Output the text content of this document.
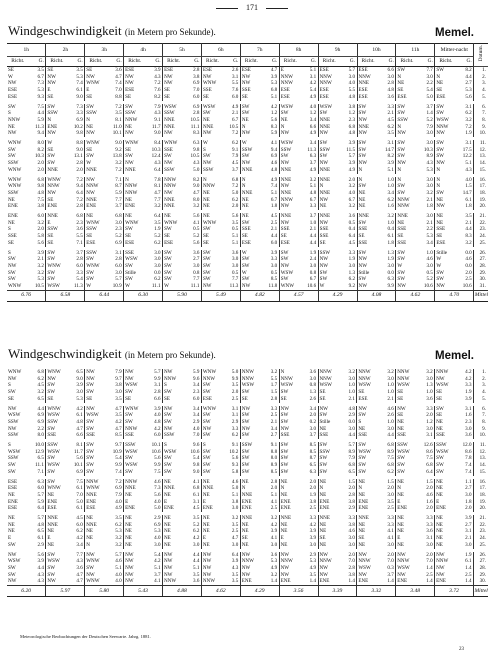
171
Windgeschwindigkeit (in Metern pro Sekunde).	Memel.
1h		2h		3h		4h		5h		6h		7h		8h		9h		10h		11h		Mitter-nacht		Datum.
Richt.	G.	Richt.	G.	Richt.	G.	Richt.	G.	Richt.	G.	Richt.	G.	Richt.	G.	Richt.	G.	Richt.	G.	Richt.	G.	Richt.	G.	Richt.	G.	
SE	3.5	SE	3.5	SE	3.6	ESE	3.9	ESE	2.8	ESE	2.6	ESE	4.7	E	5.1	ESE	5.7	ESE	6.6	SW	7.7	SW	8.2	1.
W	6.7	NW	5.3	NW	4.7	NW	4.3	NW	3.8	NW	3.1	NW	3.9	NNW	3.1	NNW	3.0	NNW	3.0	N	3.0	N	4.4	2.
NW	7.3	NW	7.4	WNW	7.4	NW	7.2	NW	6.9	WNW	5.5	NW	5.3	NNW	4.2	NNW	4.0	NNE	2.8	NE	2.2	NE	2.7	3.
ESE	5.3	E	6.1	E	7.0	ESE	7.6	SE	7.0	SSE	7.6	SSE	6.8	ESE	5.4	ESE	5.5	ESE	4.8	SE	5.4	SE	5.3	4.
ESE	9.3	SE	9.0	SE	8.8	SE	8.2	SE	6.0	SE	6.0	SE	5.1	ESE	4.9	ESE	4.8	ESE	3.6	ESE	5.0	ESE	5.6	5.

SW	7.5	SW	7.3	SW	7.2	SW	7.9	WSW	6.9	WSW	4.9	SW	4.2	WSW	4.0	WSW	3.8	SW	3.3	SW	3.7	SW	3.1	6.
S	4.4	SSW	3.3	SSW	3.5	SSW	4.3	SSW	2.8	SW	2.1	SW	1.2	SW	1.2	SW	1.2	SW	2.1	SW	1.4	SW	6.2	7.
NNW	5.9	N	6.9	N	8.1	NNW	9.1	NNE	10.5	NE	6.7	NE	5.6	NE	3.4	NNE	2.3	NW	4.5	SSW	5.2	WSW	3.2	8.
NE	11.3	ENE	10.2	NE	11.0	NE	11.7	NNE	11.1	NNE	10.5	N	8.3	N	6.6	NNE	6.8	NNE	6.2	N	7.9	NNW	7.2	9.
NW	9.4	NW	9.8	NW	10.1	NW	9.0	NW	8.3	NW	7.2	NW	5.9	NW	4.9	NW	4.8	NW	3.5	NW	3.0	NW	1.9	10.

WNW	8.0	W	8.8	WNW	9.0	WNW	8.4	WNW	6.3	W	6.2	W	4.1	WSW	3.4	SW	3.9	SW	3.1	SW	3.0	SW	3.1	11.
SW	8.2	SE	9.0	SE	9.2	SE	10.3	SSE	9.8	S	9.1	SSW	9.4	SSW	11.3	SSW	11.5	SW	14.7	SW	10.3	SW	17.5	12.
SW	10.3	SW	13.1	SW	13.8	SW	12.4	SW	10.5	SW	7.9	SW	6.9	SW	6.3	SW	5.7	SW	8.2	SW	8.9	SW	12.2	13.
SSW	2.0	SW	2.8	W	3.2	NW	4.3	NW	4.3	NW	4.5	NW	4.6	NW	3.7	NW	3.9	NW	3.9	NW	4.3	NW	5.1	14.
WNW	2.0	NNE	2.0	NNE	7.2	NNE	6.4	SSW	5.0	SSW	3.7	NNE	4.8	NNE	4.9	NNE	4.9	N	5.1	N	5.3	N	4.3	15.

WNW	6.8	WNW	7.2	NW	7.1	N	7.8	NNW	8.2	N	6.8	N	4.9	NNE	3.2	NNE	2.0	N	1.0	N	3.0	N	4.0	16.
WNW	9.8	NNW	9.4	NNW	8.7	NNW	8.1	NNW	9.0	NNW	7.2	N	7.4	NW	5.1	N	3.2	SW	1.0	SW	3.0	N	1.5	17.
SSW	4.8	NW	6.4	NW	5.9	NNW	4.7	NW	4.7	NE	5.0	NNE	5.1	NNE	4.8	NNE	4.0	NE	3.4	SW	3.2	SW	14.7	18.
NE	7.5	SE	7.2	NNE	7.7	NE	7.7	NNE	8.0	NE	6.2	NE	6.7	NNW	6.7	NW	6.7	NE	6.2	NNW	2.1	NE	6.1	19.
ENE	3.8	ENE	2.8	ENE	3.7	ENE	3.2	NNE	3.2	NE	2.0	NE	1.8	NW	3.3	NE	3.2	NE	1.6	NNW	1.8	NW	1.8	20.

ENE	6.0	NNE	6.8	NE	6.8	NE	6.4	NE	5.6	NE	5.6	NE	4.5	NNE	3.7	NNE	3.6	NNE	3.2	NNE	3.0	NE	3.5	21.
NE	3.2	E	2.3	WNW	3.0	WNW	3.5	WNW	4.1	WNW	3.5	SW	2.5	NW	1.0	NW	0.5	SW	1.0	NE	2.1	NE	2.1	22.
S	2.0	SSW	3.6	SSW	2.3	SW	1.9	SW	0.5	SW	0.5	SSE	2.1	SSE	2.1	SSE	0.4	SSE	0.4	SSE	2.2	SSE	4.4	23.
SSE	5.8	SE	5.5	SE	5.2	SE	5.2	SE	5.2	SE	5.1	SE	4.4	SE	4.4	SSE	6.4	SE	6.1	SE	5.3	SE	8.3	24.
SE	5.6	SE	7.1	ESE	6.9	ESE	6.2	ESE	5.6	SE	5.1	ESE	6.0	ESE	4.4	SE	4.5	SSE	1.8	SSE	3.4	ESE	3.2	25.

S	3.9	SW	3.7	SSW	3.1	SSE	3.0	SW	3.6	SW	3.6	W	3.9	SW	1.9	SSW	3.3	SW	1.3	SW	1.0	Stille	0.0	26.
SW	2.1	SW	2.8	SW	2.8	WSW	3.0	SW	2.7	SW	3.0	SW	3.3	SW	2.4	NW	1.9	NW	1.9	SW	4.6	W	4.6	27.
NW	3.2	WNW	6.0	WNW	6.0	SW	3.0	SW	3.0	SW	3.0	SW	3.0	NW	3.0	NW	3.0	NW	3.0	W	3.0	W	0.0	28.
SW	3.2	SW	3.3	SW	3.0	Stille	0.0	SW	0.8	SW	0.5	W	0.5	WSW	0.8	SW	1.3	Stille	0.0	SW	0.5	SW	2.0	29.
SW	5.3	SW	5.4	SW	5.7	SW	6.2	SW	7.7	SW	7.7	SW	8.5	SW	6.7	SW	6.2	SW	6.3	SW	5.2	SW	2.5	30.
WNW	10.5	WSW	11.3	W	10.9	W	11.1	W	11.1	NW	11.3	NW	11.8	WNW	10.6	W	9.2	NW	9.9	NW	10.6	NW	10.6	31.
6.76		6.58		6.44		6.30		5.90		5.49		4.82		4.57		4.29		4.08		4.62		4.70		Mittel
Windgeschwindigkeit (in Metern pro Sekunde).	Memel.

WNW	6.8	WNW	6.5	NW	7.9	NW	5.7	NW	5.9	WNW	5.0	NNW	3.2	N	3.6	NNW	3.2	NNW	3.2	NNW	3.2	NNW	4.2	1.
NW	6.2	NW	9.0	NW	9.7	NW	9.9	NNW	9.6	NNW	9.9	NNW	5.5	NNW	3.0	NNW	3.0	NNW	3.0	NNW	3.0	NW	4.2	2.
S	4.5	SW	3.9	SW	3.8	WSW	3.1	S	3.4	SW	3.5	WSW	1.7	WSW	0.8	WSW	1.0	WSW	1.0	WSW	1.3	WSW	3.3	3.
SW	3.2	SW	3.0	SW	3.0	SW	2.8	SW	2.3	SW	2.0	SW	1.5	SW	1.3	SE	1.0	SE	1.0	SE	1.0	SE	1.9	4.
SE	6.5	SE	5.3	SE	3.5	SE	6.6	SE	6.0	ESE	2.5	SE	2.8	SE	2.6	SE	2.1	ESE	2.1	SE	3.6	SE	3.9	5.

NW	4.4	WNW	4.2	NW	4.7	WNW	3.9	NW	3.4	WNW	3.1	NW	3.3	NW	3.4	NW	4.8	NW	4.6	NW	3.3	SW	3.1	6.
WSW	6.9	WSW	6.1	WSW	3.5	SW	4.0	SW	3.4	SW	3.1	SW	2.5	SW	2.0	SW	2.9	SW	2.6	SE	2.0	SE	1.6	7.
SSW	6.9	SSW	4.8	SW	4.2	SW	4.8	SW	2.9	SW	2.9	SW	2.1	SW	0.2	Stille	0.0	S	1.0	NE	1.2	NE	2.3	8.
NW	2.2	SW	4.7	SW	4.7	NNW	4.2	NW	4.0	NW	3.3	NW	3.4	NW	3.0	NE	3.0	NE	3.0	NE	3.0	NE	3.0	9.
SSW	8.0	SSE	6.6	SSE	8.5	SSE	6.0	SSW	7.0	SW	6.2	SW	2.7	SSE	3.7	SSE	4.4	SSE	4.4	SSE	3.1	SSE	3.6	10.

S	10.0	SSW	8.1	SW	9.7	SSW	10.1	S	9.6	S	9.1	SSW	9.1	SW	8.5	SW	5.7	SW	6.8	SSW	12.6	SSW	12.0	11.
WSW	12.9	WSW	11.7	SW	10.9	WSW	10.6	WSW	10.6	SW	10.2	SW	8.8	SW	8.5	SSW	8.9	WSW	8.9	WSW	8.6	WSW	8.6	12.
SSW	6.5	SW	5.6	SW	5.4	SW	5.6	SW	5.4	SW	5.6	SW	8.0	SW	8.7	SW	7.9	SW	7.5	SW	7.5	SW	7.8	13.
SW	11.1	WSW	10.1	SW	9.9	WSW	9.9	SW	9.8	SW	9.3	SW	8.9	SW	6.5	SW	6.8	SW	6.8	SW	6.8	SW	7.4	14.
SW	7.1	SW	6.9	SW	7.4	SW	7.5	SW	9.0	SW	5.8	SW	8.5	SW	6.3	SW	6.5	SW	6.2	SW	6.4	SW	7.4	15.

ESE	6.3	SW	7.5	NNW	7.2	NNW	4.6	NE	4.1	NE	4.6	NE	2.8	NE	2.0	NE	1.5	NE	1.5	NE	1.5	NE	1.1	16.
ESE	6.0	WNW	6.1	WNW	6.9	NNE	7.3	NNE	6.8	NNE	5.0	N	2.0	N	2.0	N	2.0	N	2.0	N	2.0	NE	2.7	17.
NE	5.7	NE	7.0	NNE	7.9	NE	5.6	NE	6.1	NE	5.1	NNE	5.1	NE	1.9	NE	2.8	NE	3.0	NE	4.6	NE	3.0	18.
ENE	5.9	ENE	5.0	ENE	4.0	E	4.0	E	3.1	E	3.8	ENE	4.1	ENE	3.8	ENE	3.8	ENE	3.5	E	1.6	E	1.8	19.
ESE	6.4	ESE	6.1	ESE	4.9	ENE	5.0	ENE	4.5	ENE	3.0	ENE	2.5	ENE	2.5	ENE	2.9	ENE	2.5	ENE	2.0	ENE	2.0	20.

NE	5.7	NNE	4.5	NE	3.5	NE	2.9	NE	3.5	NE	3.2	NNE	3.2	NNE	3.3	NNE	3.3	NNE	3.3	NE	3.3	NE	3.9	21.
NE	4.8	NNE	6.0	NNE	6.2	NE	6.9	NE	5.2	NE	3.5	NE	4.2	NE	4.2	NE	3.8	NE	3.3	NE	3.3	NE	2.7	22.
NE	6.5	NE	6.2	NE	5.3	NE	5.3	NE	6.2	NE	2.5	NE	3.9	NE	3.9	NE	4.6	NE	4.1	NE	3.6	NE	3.1	23.
E	6.1	E	4.2	NE	3.2	NE	4.0	NE	4.2	E	4.7	SE	4.1	E	3.9	SE	3.0	SE	4.1	E	3.1	NE	2.1	24.
SW	2.9	NE	3.4	N	3.2	NE	3.0	NE	3.0	NE	3.0	NE	3.0	NE	3.0	NE	3.0	NE	3.0	NE	3.0	NE	3.0	25.

NW	5.6	SW	7.7	NW	5.7	NW	5.4	NW	4.4	NW	6.4	NW	3.6	NW	2.9	NW	2.0	NW	2.0	NW	2.0	NW	1.9	26.
WSW	3.9	WSW	4.3	WNW	4.6	NW	4.2	NW	4.4	NW	3.9	NNW	5.3	NNW	5.3	NNW	7.0	NNW	7.0	NNW	7.0	NNW	6.1	27.
SW	4.4	SW	3.6	SW	5.1	NW	5.1	NW	5.1	NW	4.3	NW	4.9	NW	4.9	NW	2.8	WSW	0.3	WSW	1.4	NW	1.4	28.
SW	4.3	SW	4.7	NW	4.0	NW	3.7	NW	3.5	NW	3.5	NW	3.2	NW	3.5	NW	3.8	NW	3.7	NW	2.5	NW	2.5	29.
NW	4.3	NW	4.7	WNW	4.0	NW	4.1	NNW	3.6	NNW	3.5	ENE	1.4	ENE	1.4	ENE	1.4	ENE	1.4	ENE	1.4	ENE	1.4	30.
6.20		5.97		5.80		5.43		4.88		4.62		4.29		3.56		3.39		3.32		3.48		3.72		Mittel
Meteorologische Beobachtungen der Deutschen Seewarte. Jahrg. 1881.
23
